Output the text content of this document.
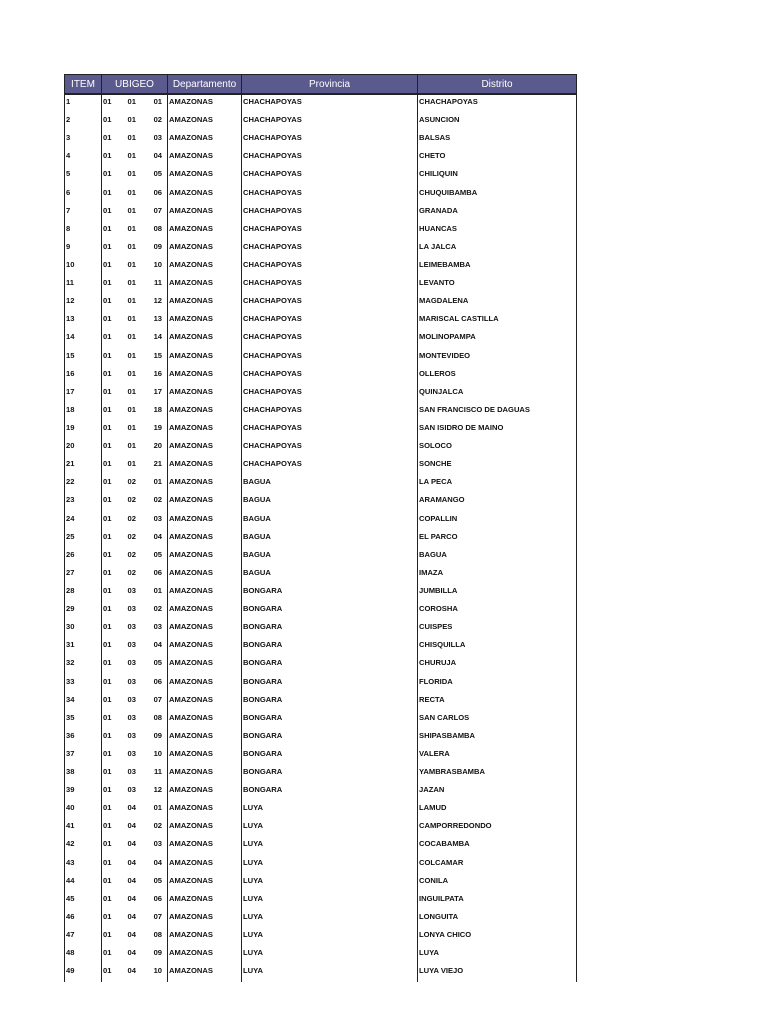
ITEM	UBIGEO			Departamento	Provincia	Distrito
1	01	01	01	AMAZONAS	CHACHAPOYAS	CHACHAPOYAS
2	01	01	02	AMAZONAS	CHACHAPOYAS	ASUNCION
3	01	01	03	AMAZONAS	CHACHAPOYAS	BALSAS
4	01	01	04	AMAZONAS	CHACHAPOYAS	CHETO
5	01	01	05	AMAZONAS	CHACHAPOYAS	CHILIQUIN
6	01	01	06	AMAZONAS	CHACHAPOYAS	CHUQUIBAMBA
7	01	01	07	AMAZONAS	CHACHAPOYAS	GRANADA
8	01	01	08	AMAZONAS	CHACHAPOYAS	HUANCAS
9	01	01	09	AMAZONAS	CHACHAPOYAS	LA JALCA
10	01	01	10	AMAZONAS	CHACHAPOYAS	LEIMEBAMBA
11	01	01	11	AMAZONAS	CHACHAPOYAS	LEVANTO
12	01	01	12	AMAZONAS	CHACHAPOYAS	MAGDALENA
13	01	01	13	AMAZONAS	CHACHAPOYAS	MARISCAL CASTILLA
14	01	01	14	AMAZONAS	CHACHAPOYAS	MOLINOPAMPA
15	01	01	15	AMAZONAS	CHACHAPOYAS	MONTEVIDEO
16	01	01	16	AMAZONAS	CHACHAPOYAS	OLLEROS
17	01	01	17	AMAZONAS	CHACHAPOYAS	QUINJALCA
18	01	01	18	AMAZONAS	CHACHAPOYAS	SAN FRANCISCO DE DAGUAS
19	01	01	19	AMAZONAS	CHACHAPOYAS	SAN ISIDRO DE MAINO
20	01	01	20	AMAZONAS	CHACHAPOYAS	SOLOCO
21	01	01	21	AMAZONAS	CHACHAPOYAS	SONCHE
22	01	02	01	AMAZONAS	BAGUA	LA PECA
23	01	02	02	AMAZONAS	BAGUA	ARAMANGO
24	01	02	03	AMAZONAS	BAGUA	COPALLIN
25	01	02	04	AMAZONAS	BAGUA	EL PARCO
26	01	02	05	AMAZONAS	BAGUA	BAGUA
27	01	02	06	AMAZONAS	BAGUA	IMAZA
28	01	03	01	AMAZONAS	BONGARA	JUMBILLA
29	01	03	02	AMAZONAS	BONGARA	COROSHA
30	01	03	03	AMAZONAS	BONGARA	CUISPES
31	01	03	04	AMAZONAS	BONGARA	CHISQUILLA
32	01	03	05	AMAZONAS	BONGARA	CHURUJA
33	01	03	06	AMAZONAS	BONGARA	FLORIDA
34	01	03	07	AMAZONAS	BONGARA	RECTA
35	01	03	08	AMAZONAS	BONGARA	SAN CARLOS
36	01	03	09	AMAZONAS	BONGARA	SHIPASBAMBA
37	01	03	10	AMAZONAS	BONGARA	VALERA
38	01	03	11	AMAZONAS	BONGARA	YAMBRASBAMBA
39	01	03	12	AMAZONAS	BONGARA	JAZAN
40	01	04	01	AMAZONAS	LUYA	LAMUD
41	01	04	02	AMAZONAS	LUYA	CAMPORREDONDO
42	01	04	03	AMAZONAS	LUYA	COCABAMBA
43	01	04	04	AMAZONAS	LUYA	COLCAMAR
44	01	04	05	AMAZONAS	LUYA	CONILA
45	01	04	06	AMAZONAS	LUYA	INGUILPATA
46	01	04	07	AMAZONAS	LUYA	LONGUITA
47	01	04	08	AMAZONAS	LUYA	LONYA CHICO
48	01	04	09	AMAZONAS	LUYA	LUYA
49	01	04	10	AMAZONAS	LUYA	LUYA VIEJO
